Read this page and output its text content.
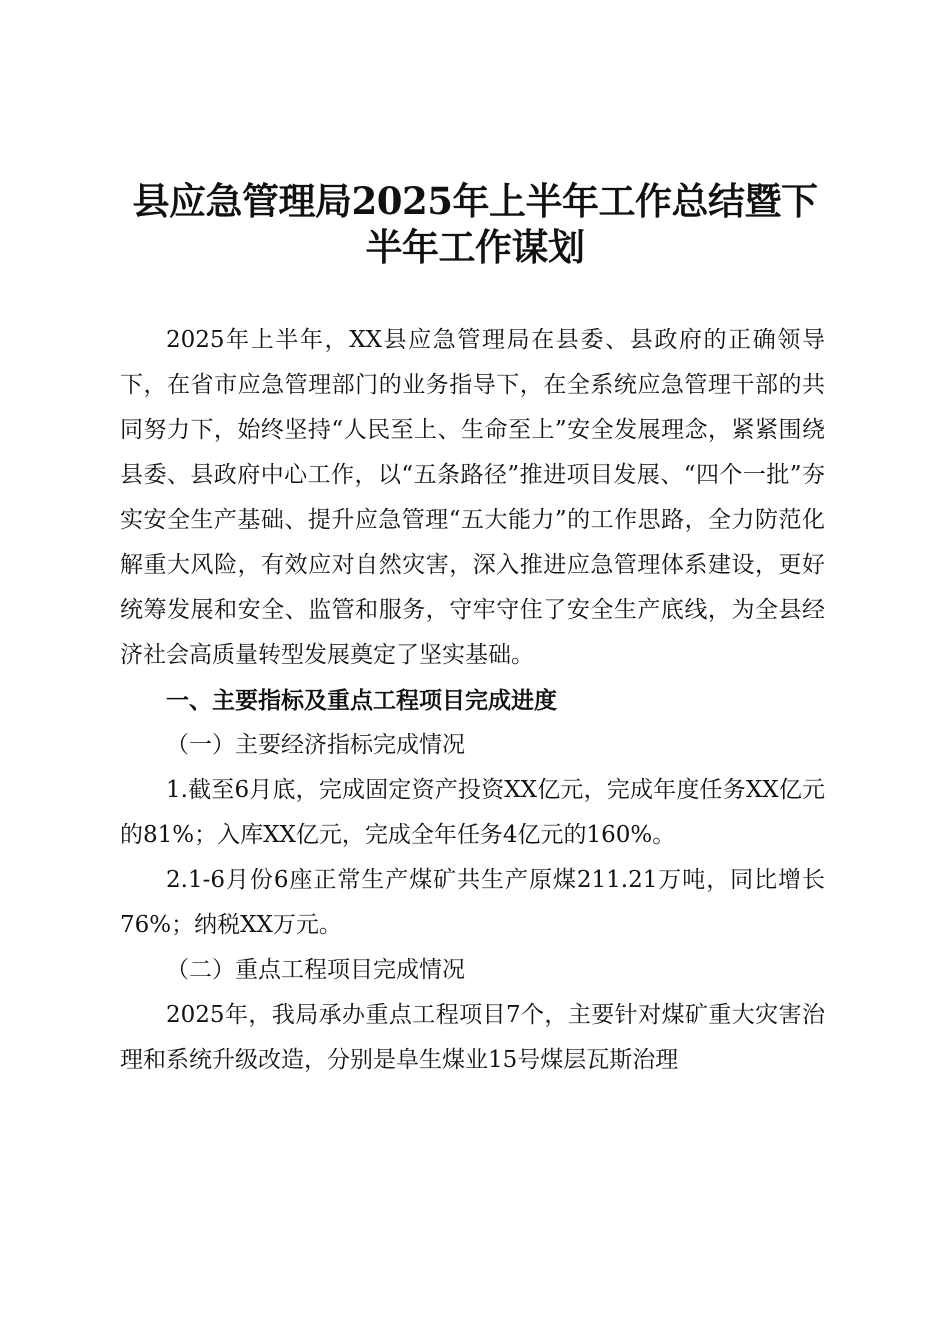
县应急管理局2025年上半年工作总结暨下半年工作谋划

2025年上半年，XX县应急管理局在县委、县政府的正确领导下，在省市应急管理部门的业务指导下，在全系统应急管理干部的共同努力下，始终坚持“人民至上、生命至上”安全发展理念，紧紧围绕县委、县政府中心工作，以“五条路径”推进项目发展、“四个一批”夯实安全生产基础、提升应急管理“五大能力”的工作思路，全力防范化解重大风险，有效应对自然灾害，深入推进应急管理体系建设，更好统筹发展和安全、监管和服务，守牢守住了安全生产底线，为全县经济社会高质量转型发展奠定了坚实基础。

一、主要指标及重点工程项目完成进度

（一）主要经济指标完成情况

1.截至6月底，完成固定资产投资XX亿元，完成年度任务XX亿元的81%；入库XX亿元，完成全年任务4亿元的160%。

2.1-6月份6座正常生产煤矿共生产原煤211.21万吨，同比增长76%；纳税XX万元。

（二）重点工程项目完成情况

2025年，我局承办重点工程项目7个，主要针对煤矿重大灾害治理和系统升级改造，分别是阜生煤业15号煤层瓦斯治理
